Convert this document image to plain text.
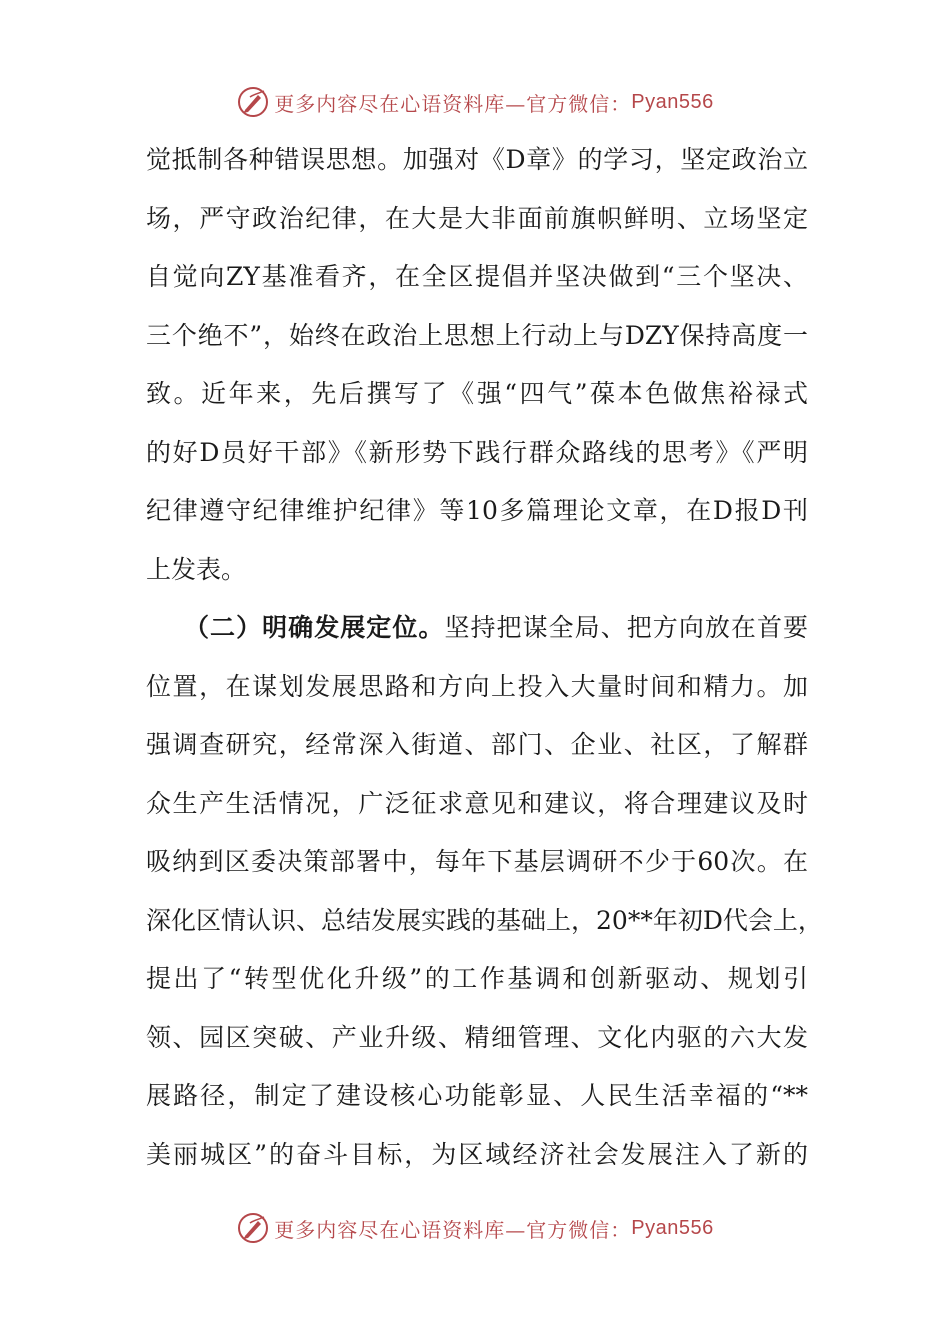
更多内容尽在心语资料库—官方微信： Pyan556
觉抵制各种错误思想。加强对《D章》的学习，坚定政治立
场，严守政治纪律，在大是大非面前旗帜鲜明、立场坚定
自觉向ZY基准看齐，在全区提倡并坚决做到“三个坚决、
三个绝不”，始终在政治上思想上行动上与DZY保持高度一
致。近年来，先后撰写了《强“四气”葆本色做焦裕禄式
的好D员好干部》《新形势下践行群众路线的思考》《严明
纪律遵守纪律维护纪律》等10多篇理论文章，在D报D刊
上发表。
（二）明确发展定位。坚持把谋全局、把方向放在首要
位置，在谋划发展思路和方向上投入大量时间和精力。加
强调查研究，经常深入街道、部门、企业、社区，了解群
众生产生活情况，广泛征求意见和建议，将合理建议及时
吸纳到区委决策部署中，每年下基层调研不少于60次。在
深化区情认识、总结发展实践的基础上，20**年初D代会上，
提出了“转型优化升级”的工作基调和创新驱动、规划引
领、园区突破、产业升级、精细管理、文化内驱的六大发
展路径，制定了建设核心功能彰显、人民生活幸福的“**
美丽城区”的奋斗目标，为区域经济社会发展注入了新的
更多内容尽在心语资料库—官方微信： Pyan556
